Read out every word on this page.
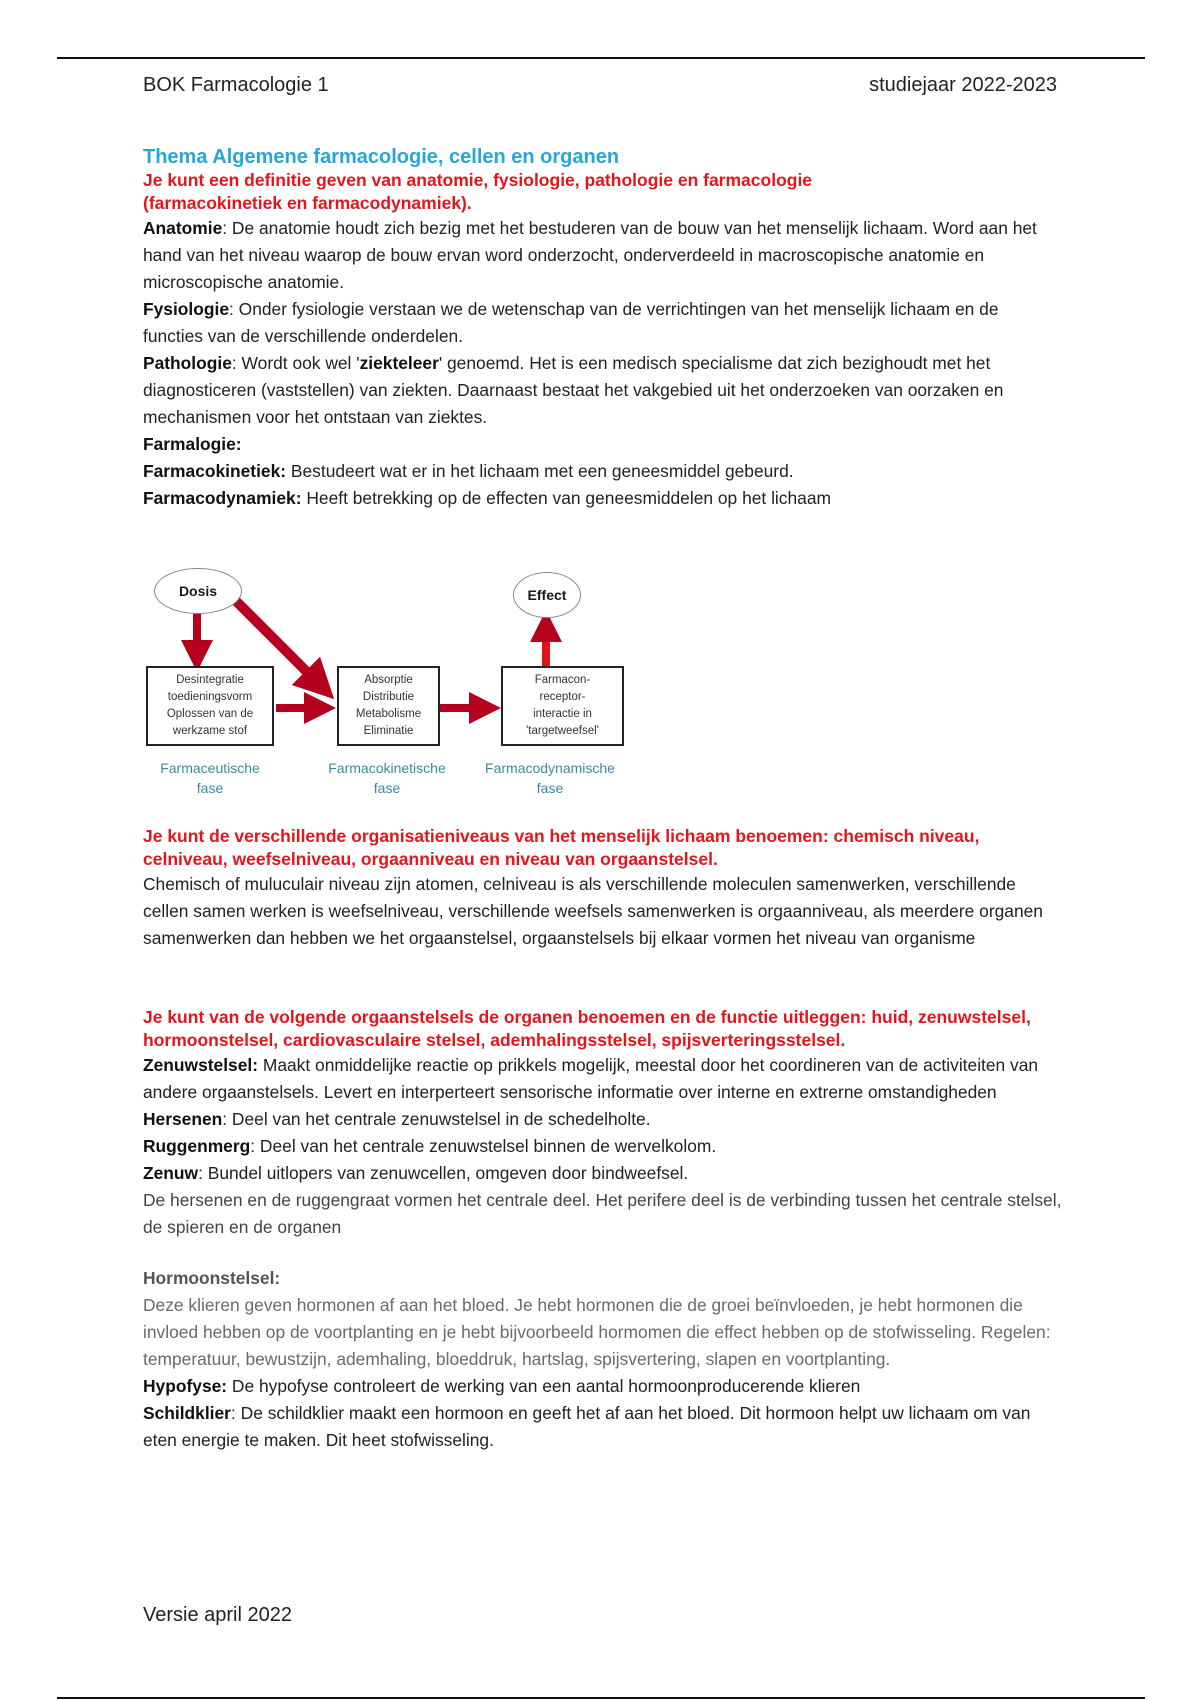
BOK Farmacologie 1	studiejaar 2022-2023

Thema Algemene farmacologie, cellen en organen

Je kunt een definitie geven van anatomie, fysiologie, pathologie en farmacologie (farmacokinetiek en farmacodynamiek).

Anatomie: De anatomie houdt zich bezig met het bestuderen van de bouw van het menselijk lichaam. Word aan het hand van het niveau waarop de bouw ervan word onderzocht, onderverdeeld in macroscopische anatomie en microscopische anatomie.

Fysiologie: Onder fysiologie verstaan we de wetenschap van de verrichtingen van het menselijk lichaam en de functies van de verschillende onderdelen.

Pathologie: Wordt ook wel 'ziekteleer' genoemd. Het is een medisch specialisme dat zich bezighoudt met het diagnosticeren (vaststellen) van ziekten. Daarnaast bestaat het vakgebied uit het onderzoeken van oorzaken en mechanismen voor het ontstaan van ziektes.

Farmalogie:

Farmacokinetiek: Bestudeert wat er in het lichaam met een geneesmiddel gebeurd.

Farmacodynamiek: Heeft betrekking op de effecten van geneesmiddelen op het lichaam

Dosis	Effect
Desintegratie
toedieningsvorm
Oplossen van de
werkzame stof
Absorptie
Distributie
Metabolisme
Eliminatie
Farmacon-
receptor-
interactie in
'targetweefsel'
Farmaceutische
fase
Farmacokinetische
fase
Farmacodynamische
fase

Je kunt de verschillende organisatieniveaus van het menselijk lichaam benoemen: chemisch niveau, celniveau, weefselniveau, orgaanniveau en niveau van orgaanstelsel.

Chemisch of mulucul‍air niveau zijn atomen, celniveau is als verschillende moleculen samenwerken, verschillende cellen samen werken is weefselniveau, verschillende weefsels samenwerken is orgaanniveau, als meerdere organen samenwerken dan hebben we het orgaanstelsel, orgaanstelsels bij elkaar vormen het niveau van organisme

Je kunt van de volgende orgaanstelsels de organen benoemen en de functie uitleggen: huid, zenuwstelsel, hormoonstelsel, cardiovasculaire stelsel, ademhalingsstelsel, spijsverteringsstelsel.

Zenuwstelsel: Maakt onmiddelijke reactie op prikkels mogelijk, meestal door het coordineren van de activiteiten van andere orgaanstelsels. Levert en interperteert sensorische informatie over interne en extrerne omstandigheden

Hersenen: Deel van het centrale zenuwstelsel in de schedelholte.

Ruggenmerg: Deel van het centrale zenuwstelsel binnen de wervelkolom.

Zenuw: Bundel uitlopers van zenuwcellen, omgeven door bindweefsel.

De hersenen en de ruggengraat vormen het centrale deel. Het perifere deel is de verbinding tussen het centrale stelsel, de spieren en de organen

Hormoonstelsel:

Deze klieren geven hormonen af aan het bloed. Je hebt hormonen die de groei beïnvloeden, je hebt hormonen die invloed hebben op de voortplanting en je hebt bijvoorbeeld hormomen die effect hebben op de stofwisseling. Regelen: temperatuur, bewustzijn, ademhaling, bloeddruk, hartslag, spijsvertering, slapen en voortplanting.

Hypofyse: De hypofyse controleert de werking van een aantal hormoonproducerende klieren

Schildklier: De schildklier maakt een hormoon en geeft het af aan het bloed. Dit hormoon helpt uw lichaam om van eten energie te maken. Dit heet stofwisseling.

Versie april 2022
